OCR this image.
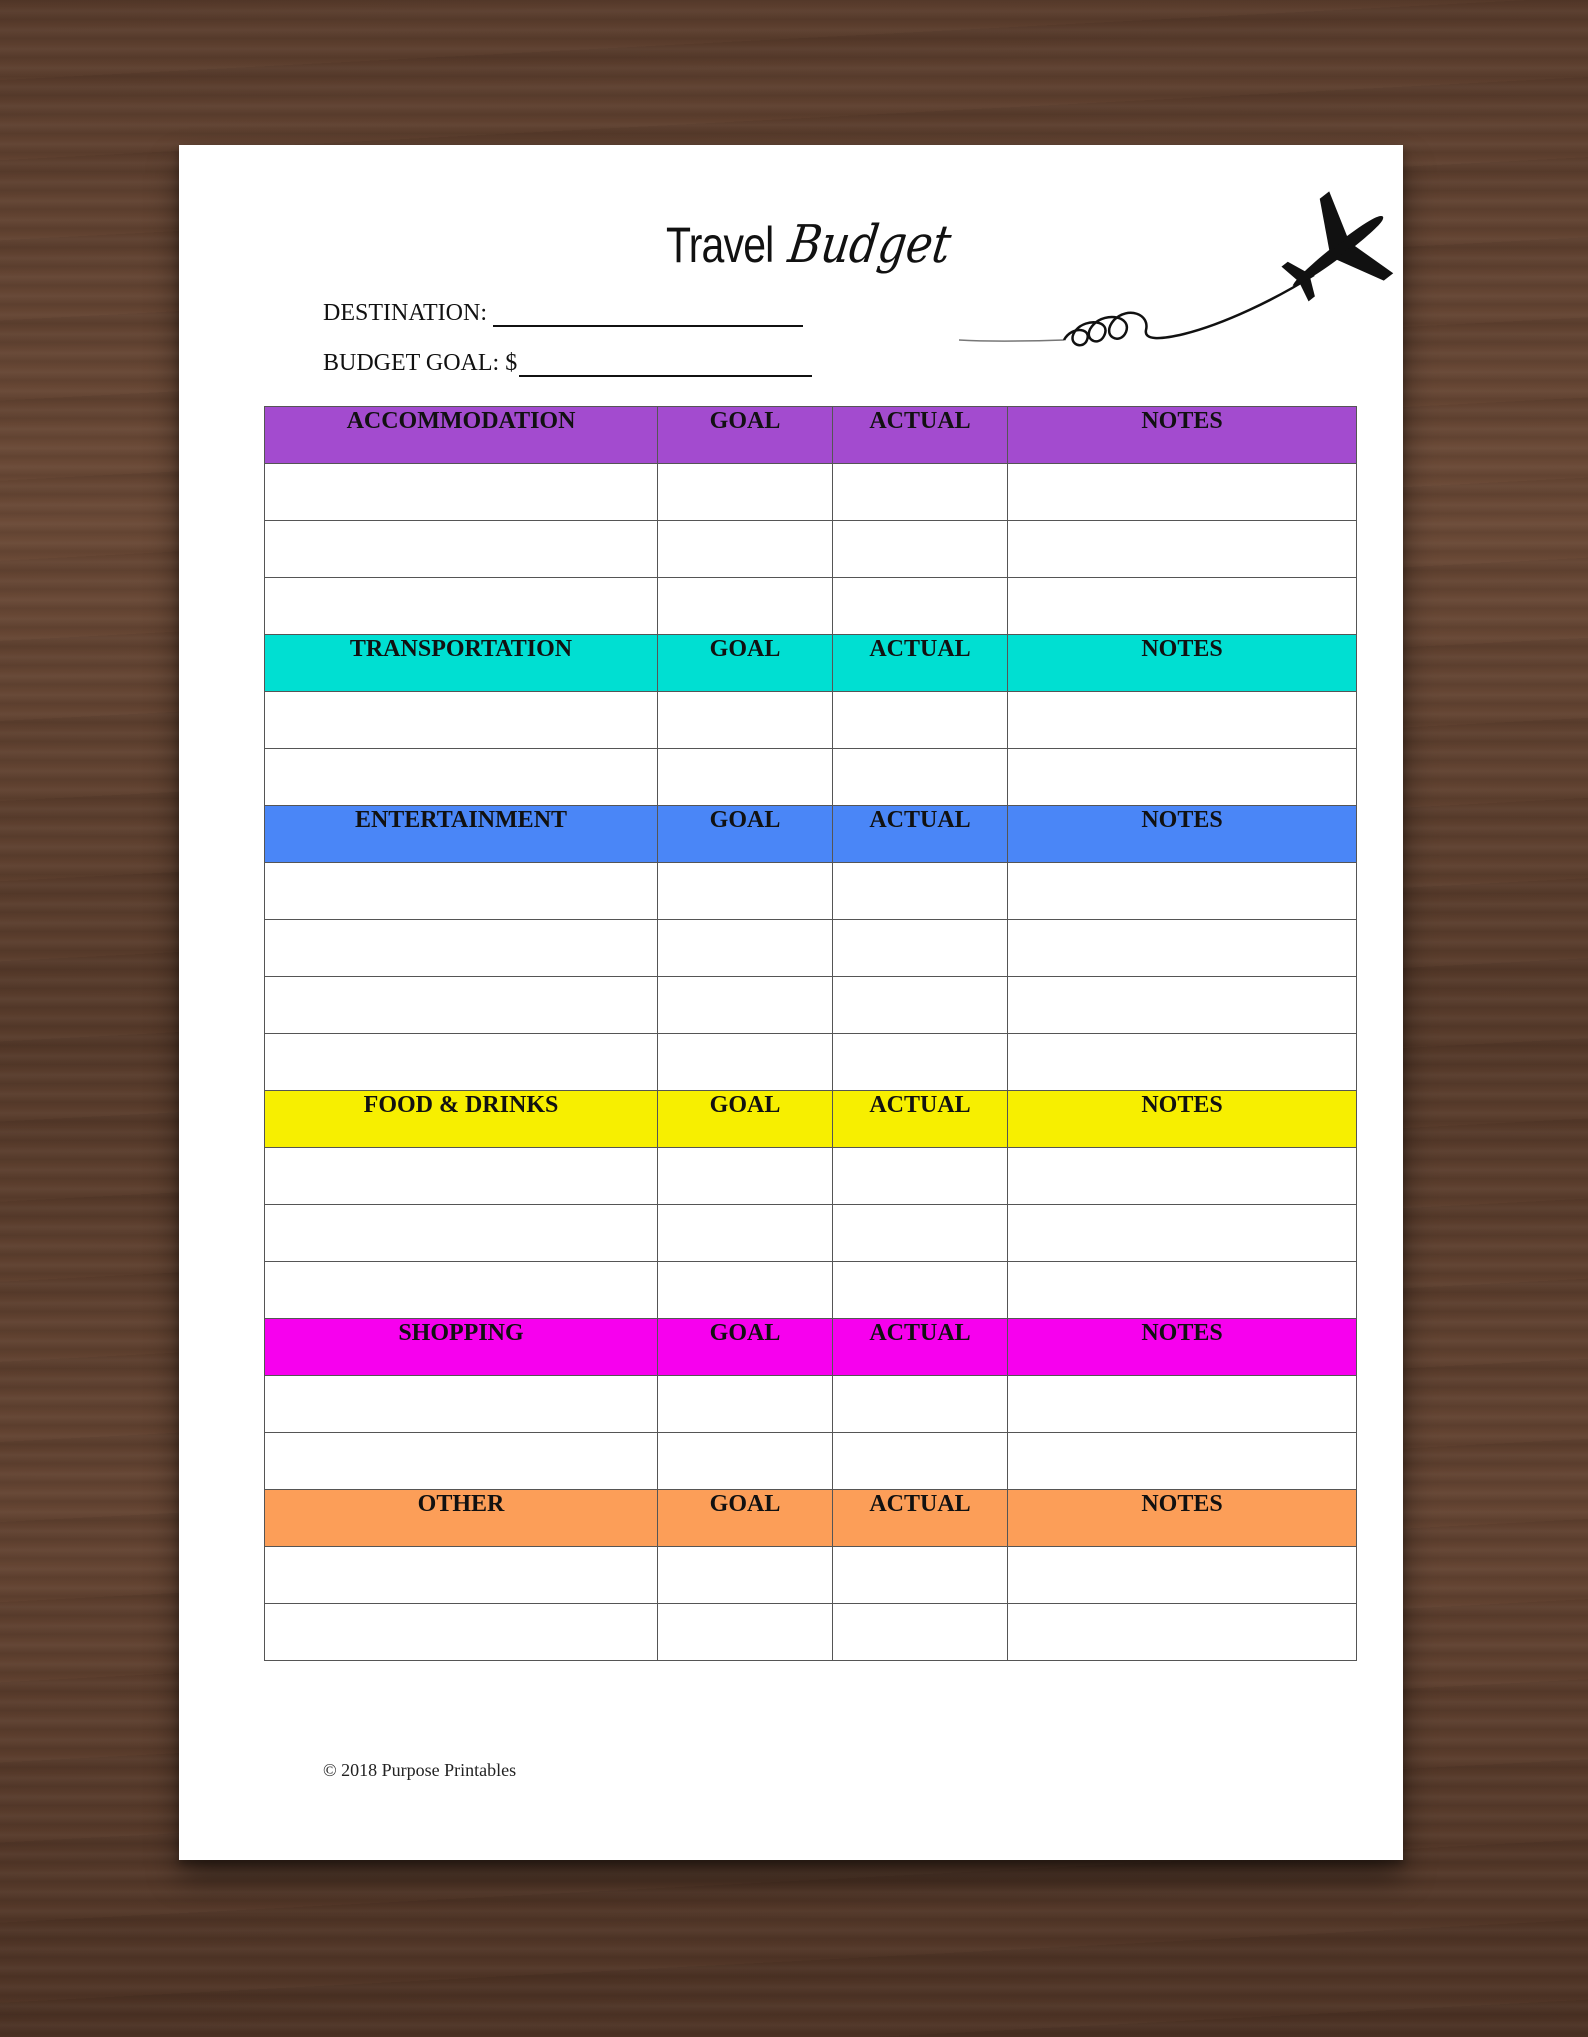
Travel Budget
DESTINATION:
BUDGET GOAL: $
ACCOMMODATION	GOAL	ACTUAL	NOTES

TRANSPORTATION	GOAL	ACTUAL	NOTES

ENTERTAINMENT	GOAL	ACTUAL	NOTES

FOOD & DRINKS	GOAL	ACTUAL	NOTES

SHOPPING	GOAL	ACTUAL	NOTES

OTHER	GOAL	ACTUAL	NOTES

© 2018 Purpose Printables
